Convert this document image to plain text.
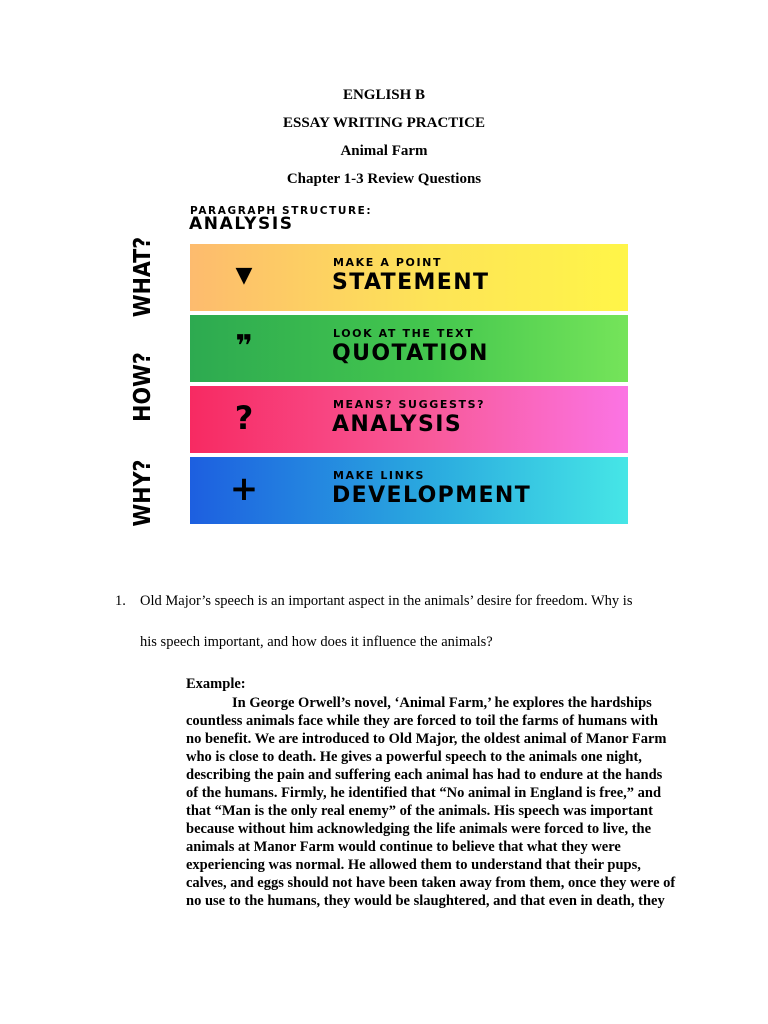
ENGLISH B
ESSAY WRITING PRACTICE
Animal Farm
Chapter 1-3 Review Questions
PARAGRAPH STRUCTURE:
ANALYSIS
WHAT?
HOW?
WHY?
▼
MAKE A POINT
STATEMENT
❞	LOOK AT THE TEXT
QUOTATION
?	MEANS? SUGGESTS?
ANALYSIS
+	MAKE LINKS
DEVELOPMENT
1. Old Major’s speech is an important aspect in the animals’ desire for freedom. Why is
his speech important, and how does it influence the animals?
Example:
In George Orwell’s novel, ‘Animal Farm,’ he explores the hardships countless animals face while they are forced to toil the farms of humans with no benefit. We are introduced to Old Major, the oldest animal of Manor Farm who is close to death. He gives a powerful speech to the animals one night, describing the pain and suffering each animal has had to endure at the hands of the humans. Firmly, he identified that “No animal in England is free,” and that “Man is the only real enemy” of the animals. His speech was important because without him acknowledging the life animals were forced to live, the animals at Manor Farm would continue to believe that what they were experiencing was normal. He allowed them to understand that their pups, calves, and eggs should not have been taken away from them, once they were of no use to the humans, they would be slaughtered, and that even in death, they
